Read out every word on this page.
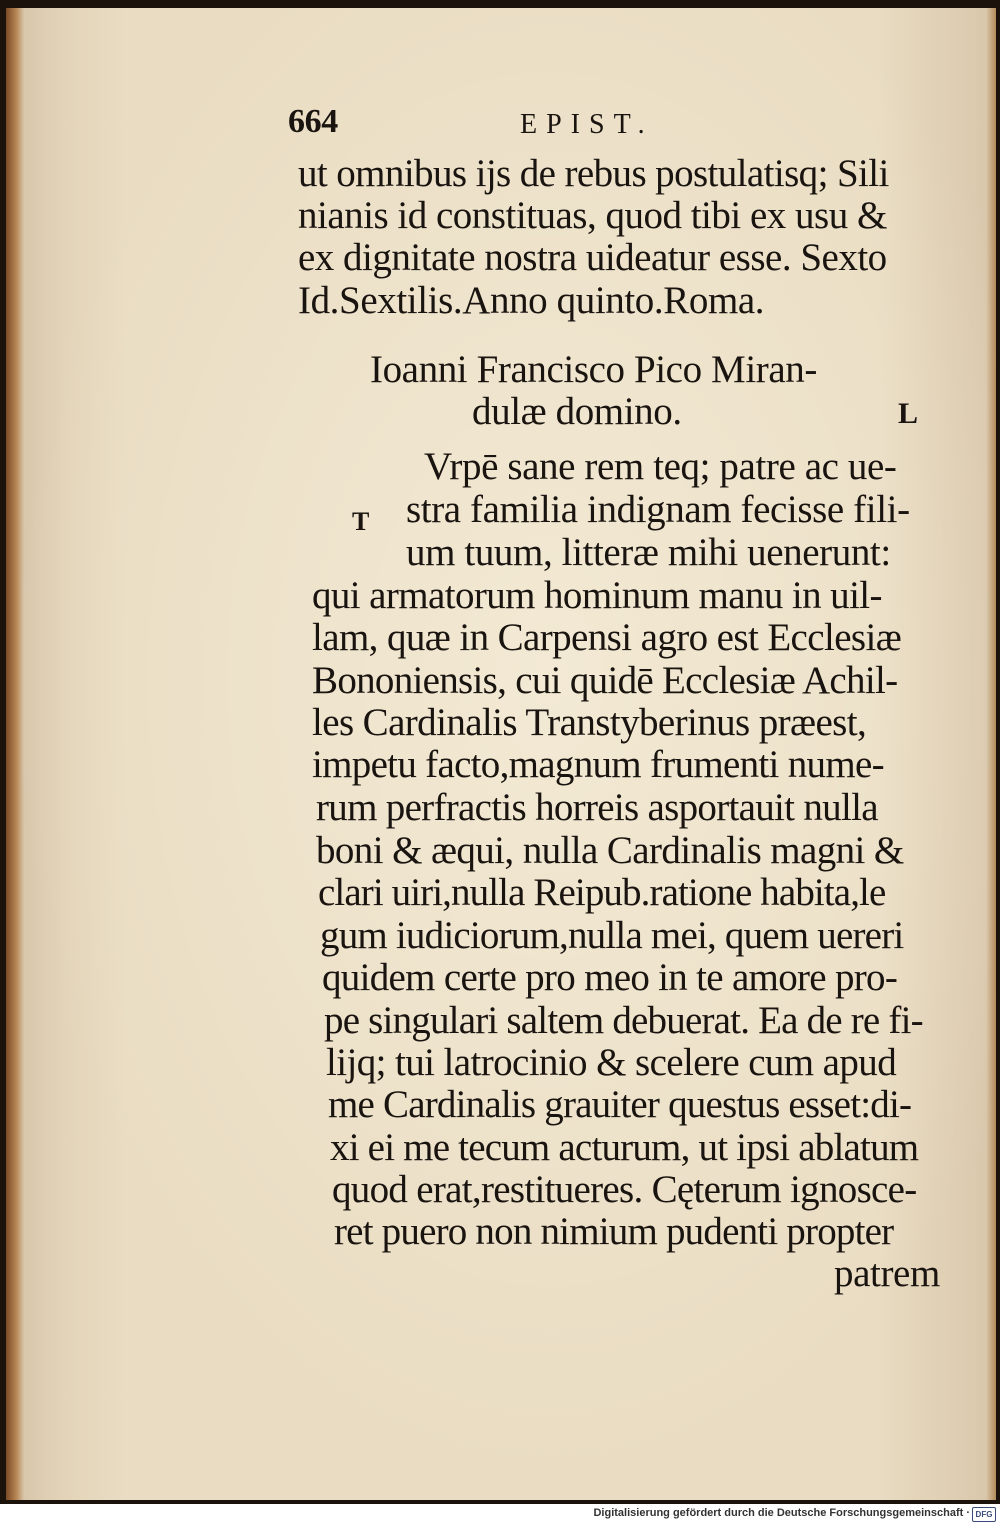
664	EPIST.
ut omnibus ijs de rebus postulatisq; Sili
nianis id constituas, quod tibi ex usu &
ex dignitate nostra uideatur esse. Sexto
Id.Sextilis.Anno quinto.Roma.
Ioanni Francisco Pico Miran-
dulæ domino.	L
T
Vrpē sane rem teq; patre ac ue-
stra familia indignam fecisse fili-
um tuum, litteræ mihi uenerunt:
qui armatorum hominum manu in uil-
lam, quæ in Carpensi agro est Ecclesiæ
Bononiensis, cui quidē Ecclesiæ Achil-
les Cardinalis Transtyberinus præest,
impetu facto,magnum frumenti nume-
rum perfractis horreis asportauit nulla
boni & æqui, nulla Cardinalis magni &
clari uiri,nulla Reipub.ratione habita,le
gum iudiciorum,nulla mei, quem uereri
quidem certe pro meo in te amore pro-
pe singulari saltem debuerat. Ea de re fi-
lijq; tui latrocinio & scelere cum apud
me Cardinalis grauiter questus esset:di-
xi ei me tecum acturum, ut ipsi ablatum
quod erat,restitueres. Cęterum ignosce-
ret puero non nimium pudenti propter
patrem
Digitalisierung gefördert durch die Deutsche Forschungsgemeinschaft · DFG
